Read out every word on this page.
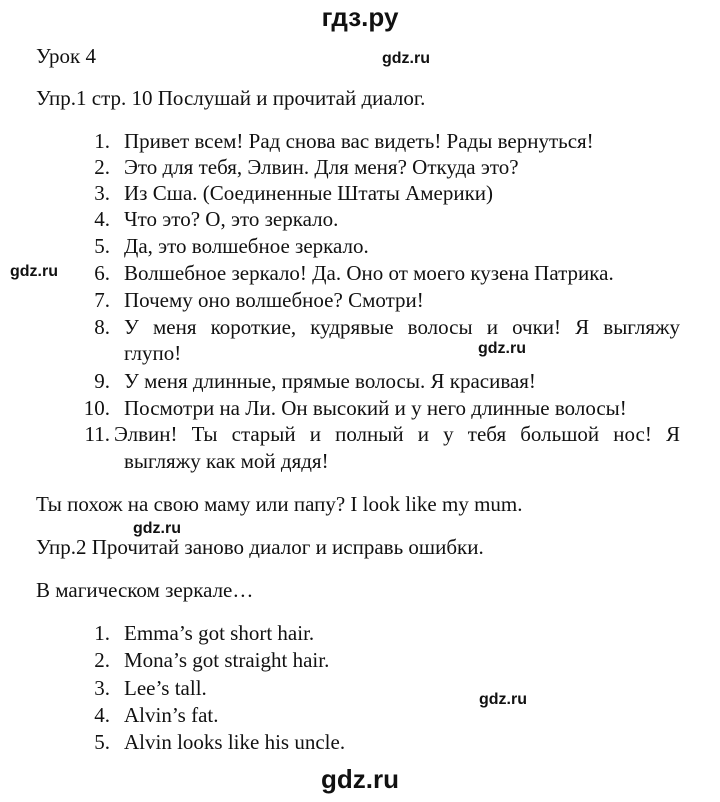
гдз.ру
gdz.ru
gdz.ru
gdz.ru
gdz.ru
gdz.ru
gdz.ru
Урок 4
Упр.1 стр. 10 Послушай и прочитай диалог.
1. Привет всем! Рад снова вас видеть! Рады вернуться!
2. Это для тебя, Элвин. Для меня? Откуда это?
3. Из Сша. (Соединенные Штаты Америки)
4. Что это? О, это зеркало.
5. Да, это волшебное зеркало.
6. Волшебное зеркало! Да. Оно от моего кузена Патрика.
7. Почему оно волшебное? Смотри!
8. У меня короткие, кудрявые волосы и очки! Я выгляжу
глупо!
9. У меня длинные, прямые волосы. Я красивая!
10. Посмотри на Ли. Он высокий и у него длинные волосы!
11. Элвин! Ты старый и полный и у тебя большой нос! Я
выгляжу как мой дядя!
Ты похож на свою маму или папу? I look like my mum.
Упр.2 Прочитай заново диалог и исправь ошибки.
В магическом зеркале…
1. Emma’s got short hair.
2. Mona’s got straight hair.
3. Lee’s tall.
4. Alvin’s fat.
5. Alvin looks like his uncle.
